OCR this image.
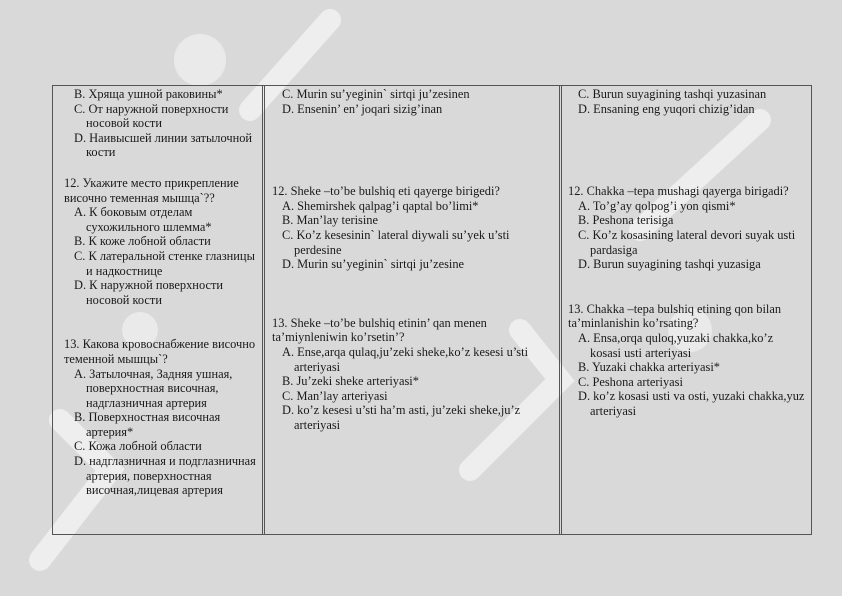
B. Хряща ушной раковины*

C. От наружной поверхности носовой кости

D. Наивысшей линии затылочной кости

12. Укажите место прикрепление височно теменная мышца`??

A. К боковым отделам сухожильного шлемма*

B. К коже лобной области

C. К латеральной стенке глазницы и надкостнице

D. К наружной поверхности носовой кости

13. Какова кровоснабжение височно теменной мышцы`?

A. Затылочная, Задняя ушная, поверхностная височная, надглазничная артерия

B. Поверхностная височная артерия*

C. Кожа лобной области

D. надглазничная и подглазничная артерия, поверхностная височная,лицевая артерия

C. Murin su’yeginin` sirtqi ju’zesinen

D. Ensenin’ en’ joqari sizig’inan

12. Sheke –to’be bulshiq eti qayerge birigedi?

A. Shemirshek qalpag’i qaptal bo’limi*

B. Man’lay terisine

C. Ko’z kesesinin` lateral diywali su’yek u’sti perdesine

D. Murin su’yeginin` sirtqi ju’zesine

13. Sheke –to’be bulshiq etinin’ qan menen ta’miynleniwin ko’rsetin’?

A. Ense,arqa qulaq,ju’zeki sheke,ko’z kesesi u’sti arteriyasi

B. Ju’zeki sheke arteriyasi*

C. Man’lay arteriyasi

D. ko’z kesesi u’sti ha’m asti, ju’zeki sheke,ju’z arteriyasi

C. Burun suyagining tashqi yuzasinan

D. Ensaning eng yuqori chizig’idan

12. Chakka –tepa mushagi qayerga birigadi?

A. To’g’ay qolpog’i yon qismi*

B. Peshona terisiga

C. Ko’z kosasining lateral devori suyak usti pardasiga

D. Burun suyagining tashqi yuzasiga

13. Chakka –tepa bulshiq etining qon bilan ta’minlanishin ko’rsating?

A. Ensa,orqa quloq,yuzaki chakka,ko’z kosasi usti arteriyasi

B. Yuzaki chakka arteriyasi*

C. Peshona arteriyasi

D. ko’z kosasi usti va osti, yuzaki chakka,yuz arteriyasi
